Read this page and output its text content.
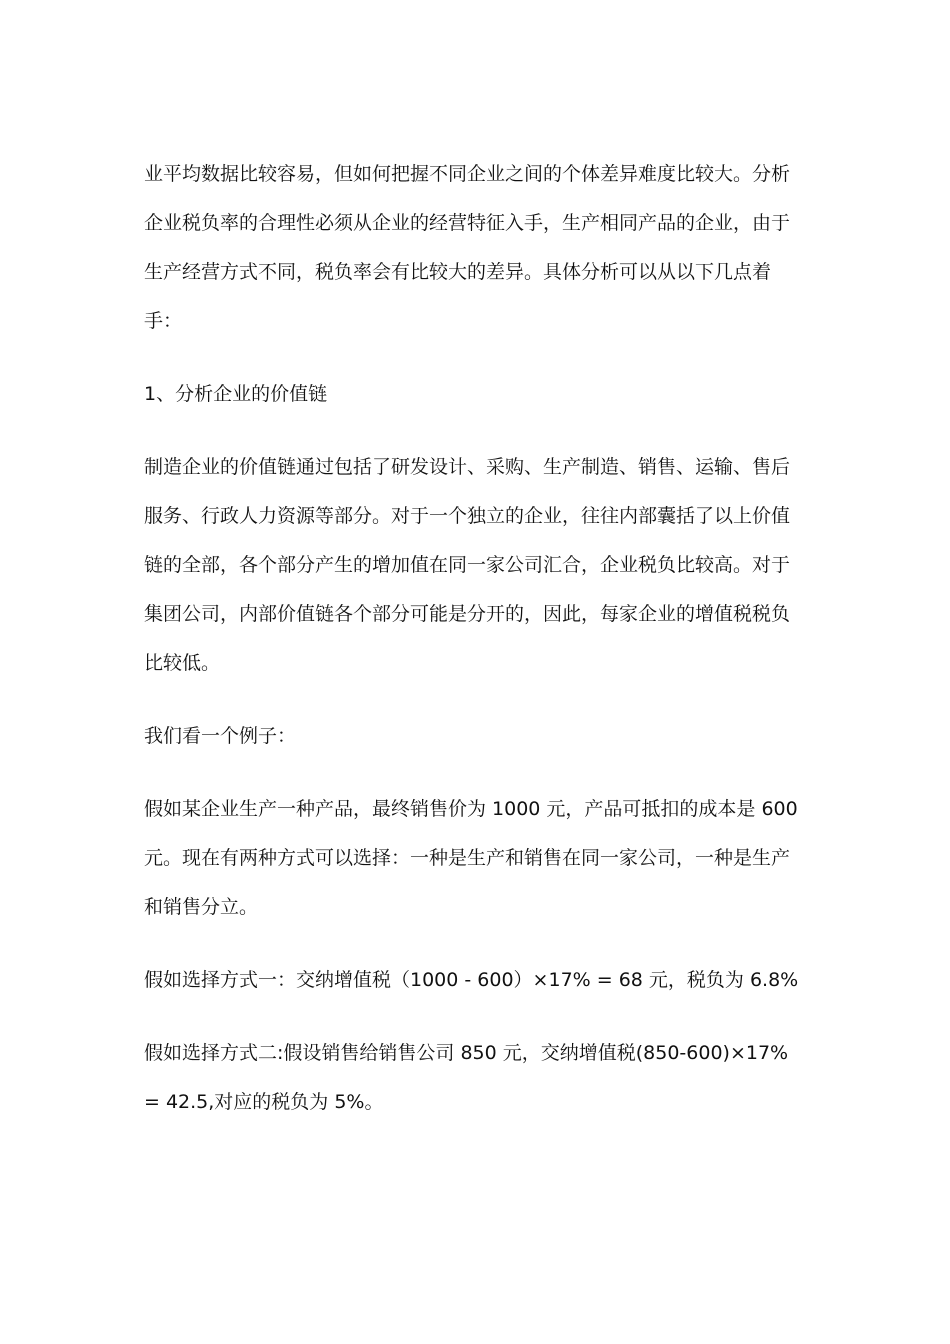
业平均数据比较容易，但如何把握不同企业之间的个体差异难度比较大。分析企业税负率的合理性必须从企业的经营特征入手，生产相同产品的企业，由于生产经营方式不同，税负率会有比较大的差异。具体分析可以从以下几点着手：

1、分析企业的价值链

制造企业的价值链通过包括了研发设计、采购、生产制造、销售、运输、售后服务、行政人力资源等部分。对于一个独立的企业，往往内部囊括了以上价值链的全部，各个部分产生的增加值在同一家公司汇合，企业税负比较高。对于集团公司，内部价值链各个部分可能是分开的，因此，每家企业的增值税税负比较低。

我们看一个例子：

假如某企业生产一种产品，最终销售价为 1000 元，产品可抵扣的成本是 600 元。现在有两种方式可以选择：一种是生产和销售在同一家公司，一种是生产和销售分立。

假如选择方式一：交纳增值税（1000 - 600）×17% = 68 元，税负为 6.8%

假如选择方式二:假设销售给销售公司 850 元，交纳增值税(850-600)×17% = 42.5,对应的税负为 5%。
